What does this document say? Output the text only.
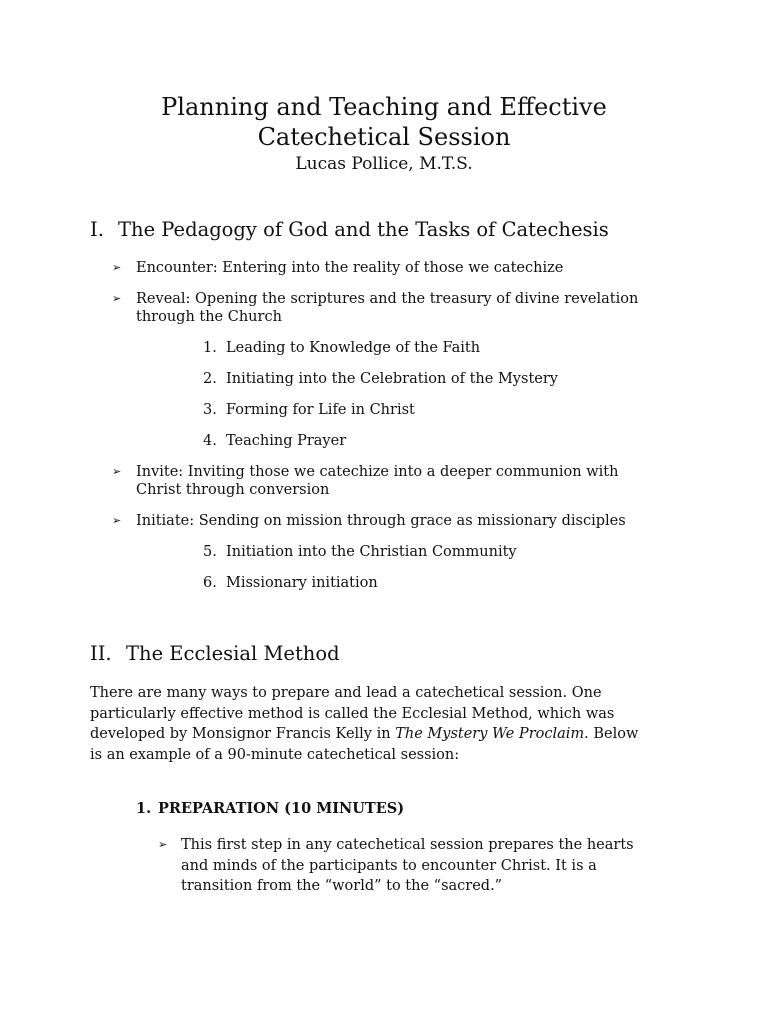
Planning and Teaching and Effective
Catechetical Session
Lucas Pollice, M.T.S.
I. The Pedagogy of God and the Tasks of Catechesis
➢ Encounter: Entering into the reality of those we catechize
➢ Reveal: Opening the scriptures and the treasury of divine revelation through the Church
1. Leading to Knowledge of the Faith
2. Initiating into the Celebration of the Mystery
3. Forming for Life in Christ
4. Teaching Prayer
➢ Invite: Inviting those we catechize into a deeper communion with Christ through conversion
➢ Initiate: Sending on mission through grace as missionary disciples
5. Initiation into the Christian Community
6. Missionary initiation
II. The Ecclesial Method
There are many ways to prepare and lead a catechetical session. One
particularly effective method is called the Ecclesial Method, which was
developed by Monsignor Francis Kelly in The Mystery We Proclaim. Below
is an example of a 90-minute catechetical session:
1. PREPARATION (10 MINUTES)
➢ This first step in any catechetical session prepares the hearts
and minds of the participants to encounter Christ. It is a
transition from the “world” to the “sacred.”
